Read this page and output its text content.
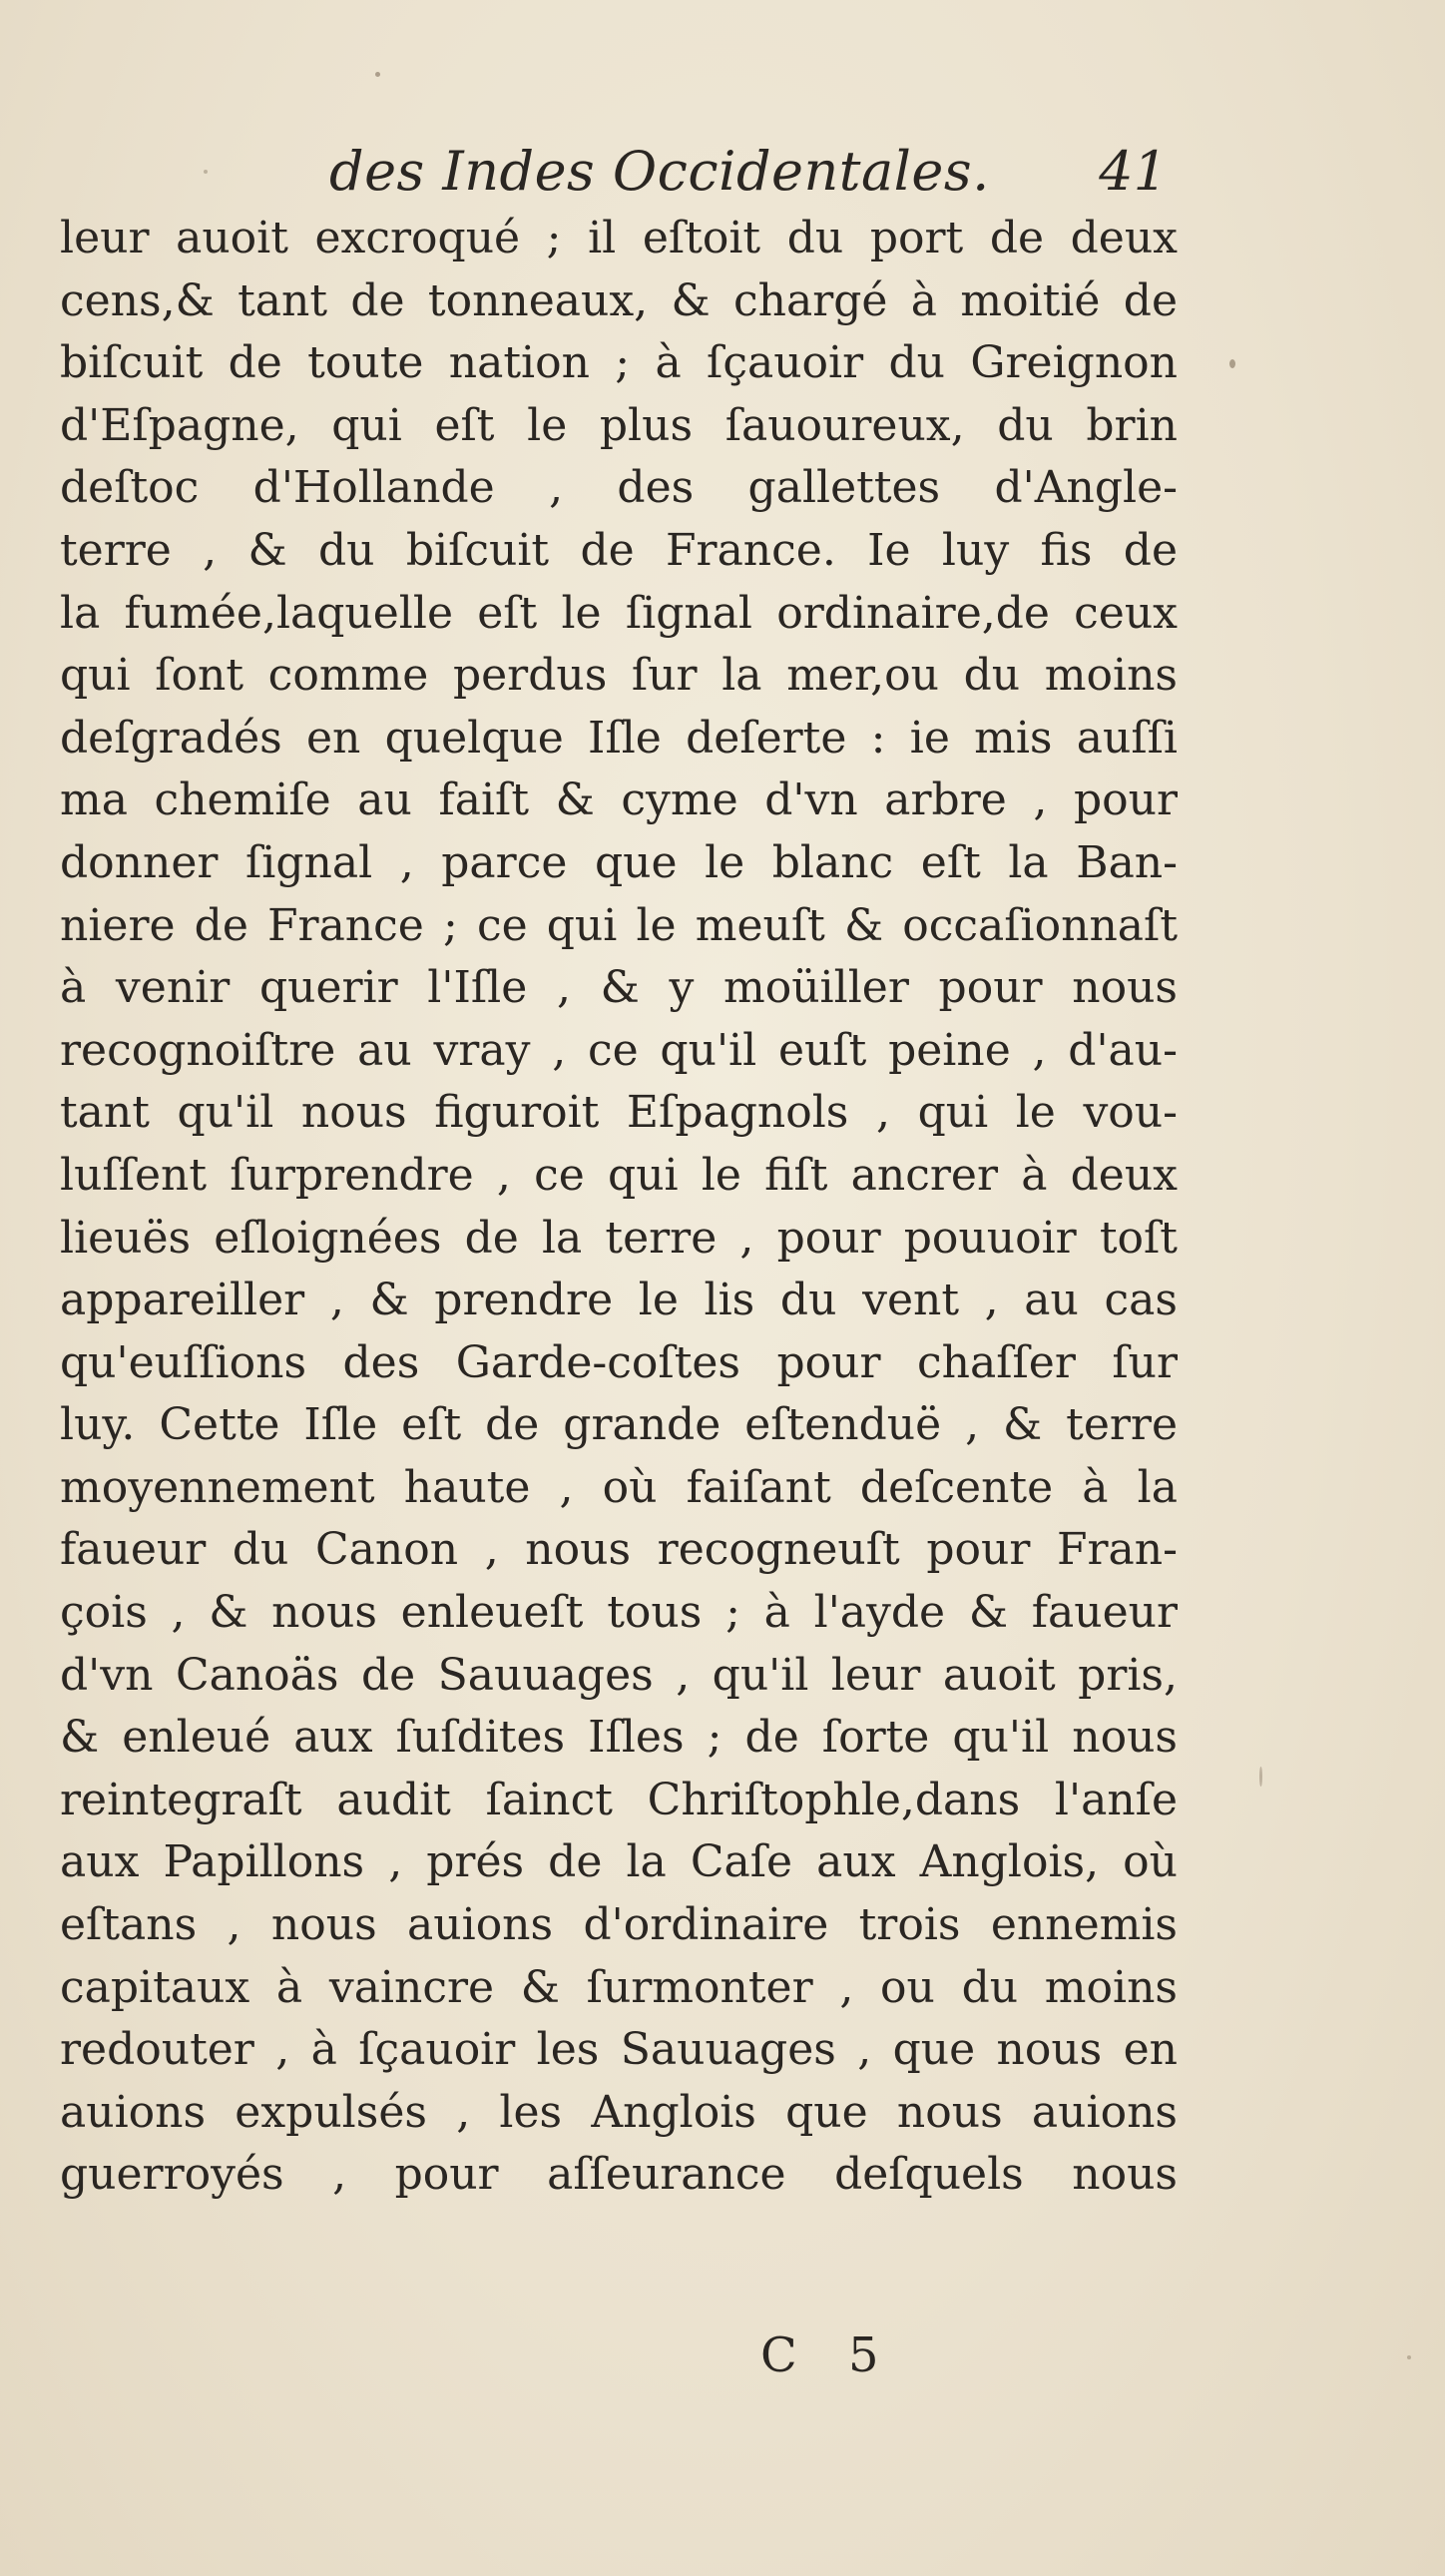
des Indes Occidentales. 41
leur auoit excroqué ; il eſtoit du port de deux
cens,& tant de tonneaux, & chargé à moitié de
biſcuit de toute nation ; à ſçauoir du Greignon
d'Eſpagne, qui eſt le plus ſauoureux, du brin
deſtoc d'Hollande , des gallettes d'Angle-
terre , & du biſcuit de France. Ie luy fis de
la fumée,laquelle eſt le ſignal ordinaire,de ceux
qui ſont comme perdus ſur la mer,ou du moins
deſgradés en quelque Iſle deſerte : ie mis auſſi
ma chemiſe au faiſt & cyme d'vn arbre , pour
donner ſignal , parce que le blanc eſt la Ban-
niere de France ; ce qui le meuſt & occaſionnaſt
à venir querir l'Iſle , & y moüiller pour nous
recognoiſtre au vray , ce qu'il euſt peine , d'au-
tant qu'il nous figuroit Eſpagnols , qui le vou-
luſſent ſurprendre , ce qui le fiſt ancrer à deux
lieuës eſloignées de la terre , pour pouuoir toſt
appareiller , & prendre le lis du vent , au cas
qu'euſſions des Garde-coſtes pour chaſſer ſur
luy. Cette Iſle eſt de grande eſtenduë , & terre
moyennement haute , où faiſant deſcente à la
faueur du Canon , nous recogneuſt pour Fran-
çois , & nous enleueſt tous ; à l'ayde & faueur
d'vn Canoäs de Sauuages , qu'il leur auoit pris,
& enleué aux ſuſdites Iſles ; de ſorte qu'il nous
reintegraſt audit ſainct Chriſtophle,dans l'anſe
aux Papillons , prés de la Caſe aux Anglois, où
eſtans , nous auions d'ordinaire trois ennemis
capitaux à vaincre & ſurmonter , ou du moins
redouter , à ſçauoir les Sauuages , que nous en
auions expulsés , les Anglois que nous auions
guerroyés , pour aſſeurance deſquels nous
C 5
